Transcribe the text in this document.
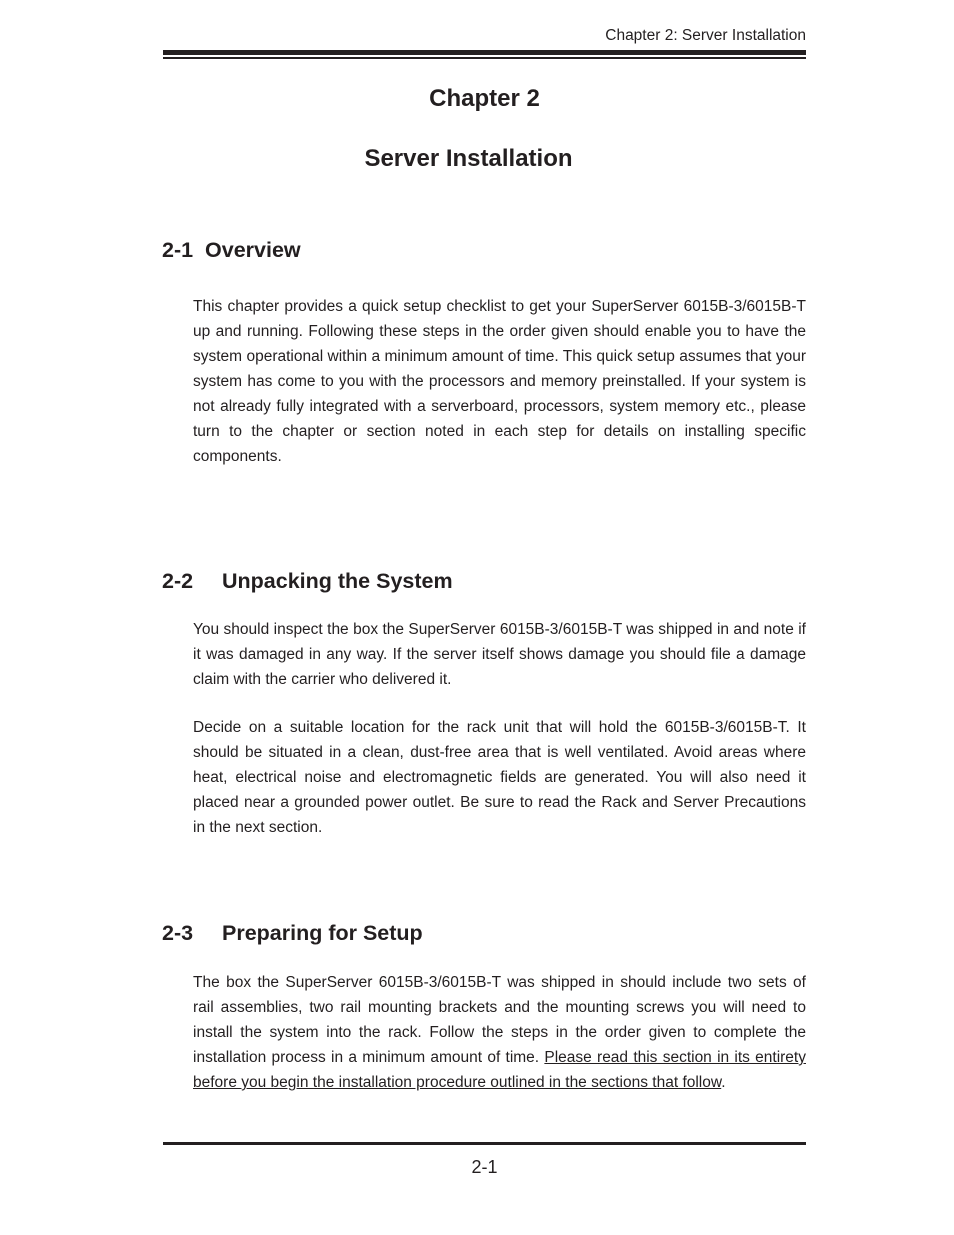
Chapter 2: Server Installation
Chapter 2
Server Installation
2-1 Overview

This chapter provides a quick setup checklist to get your SuperServer 6015B-3/6015B-T up and running. Following these steps in the order given should enable you to have the system operational within a minimum amount of time. This quick setup assumes that your system has come to you with the processors and memory preinstalled. If your system is not already fully integrated with a serverboard, processors, system memory etc., please turn to the chapter or section noted in each step for details on installing specific components.

2-2 Unpacking the System

You should inspect the box the SuperServer 6015B-3/6015B-T was shipped in and note if it was damaged in any way. If the server itself shows damage you should file a damage claim with the carrier who delivered it.

Decide on a suitable location for the rack unit that will hold the 6015B-3/6015B-T. It should be situated in a clean, dust-free area that is well ventilated. Avoid areas where heat, electrical noise and electromagnetic fields are generated. You will also need it placed near a grounded power outlet. Be sure to read the Rack and Server Precautions in the next section.

2-3 Preparing for Setup

The box the SuperServer 6015B-3/6015B-T was shipped in should include two sets of rail assemblies, two rail mounting brackets and the mounting screws you will need to install the system into the rack. Follow the steps in the order given to complete the installation process in a minimum amount of time. Please read this section in its entirety before you begin the installation procedure outlined in the sections that follow.

2-1
